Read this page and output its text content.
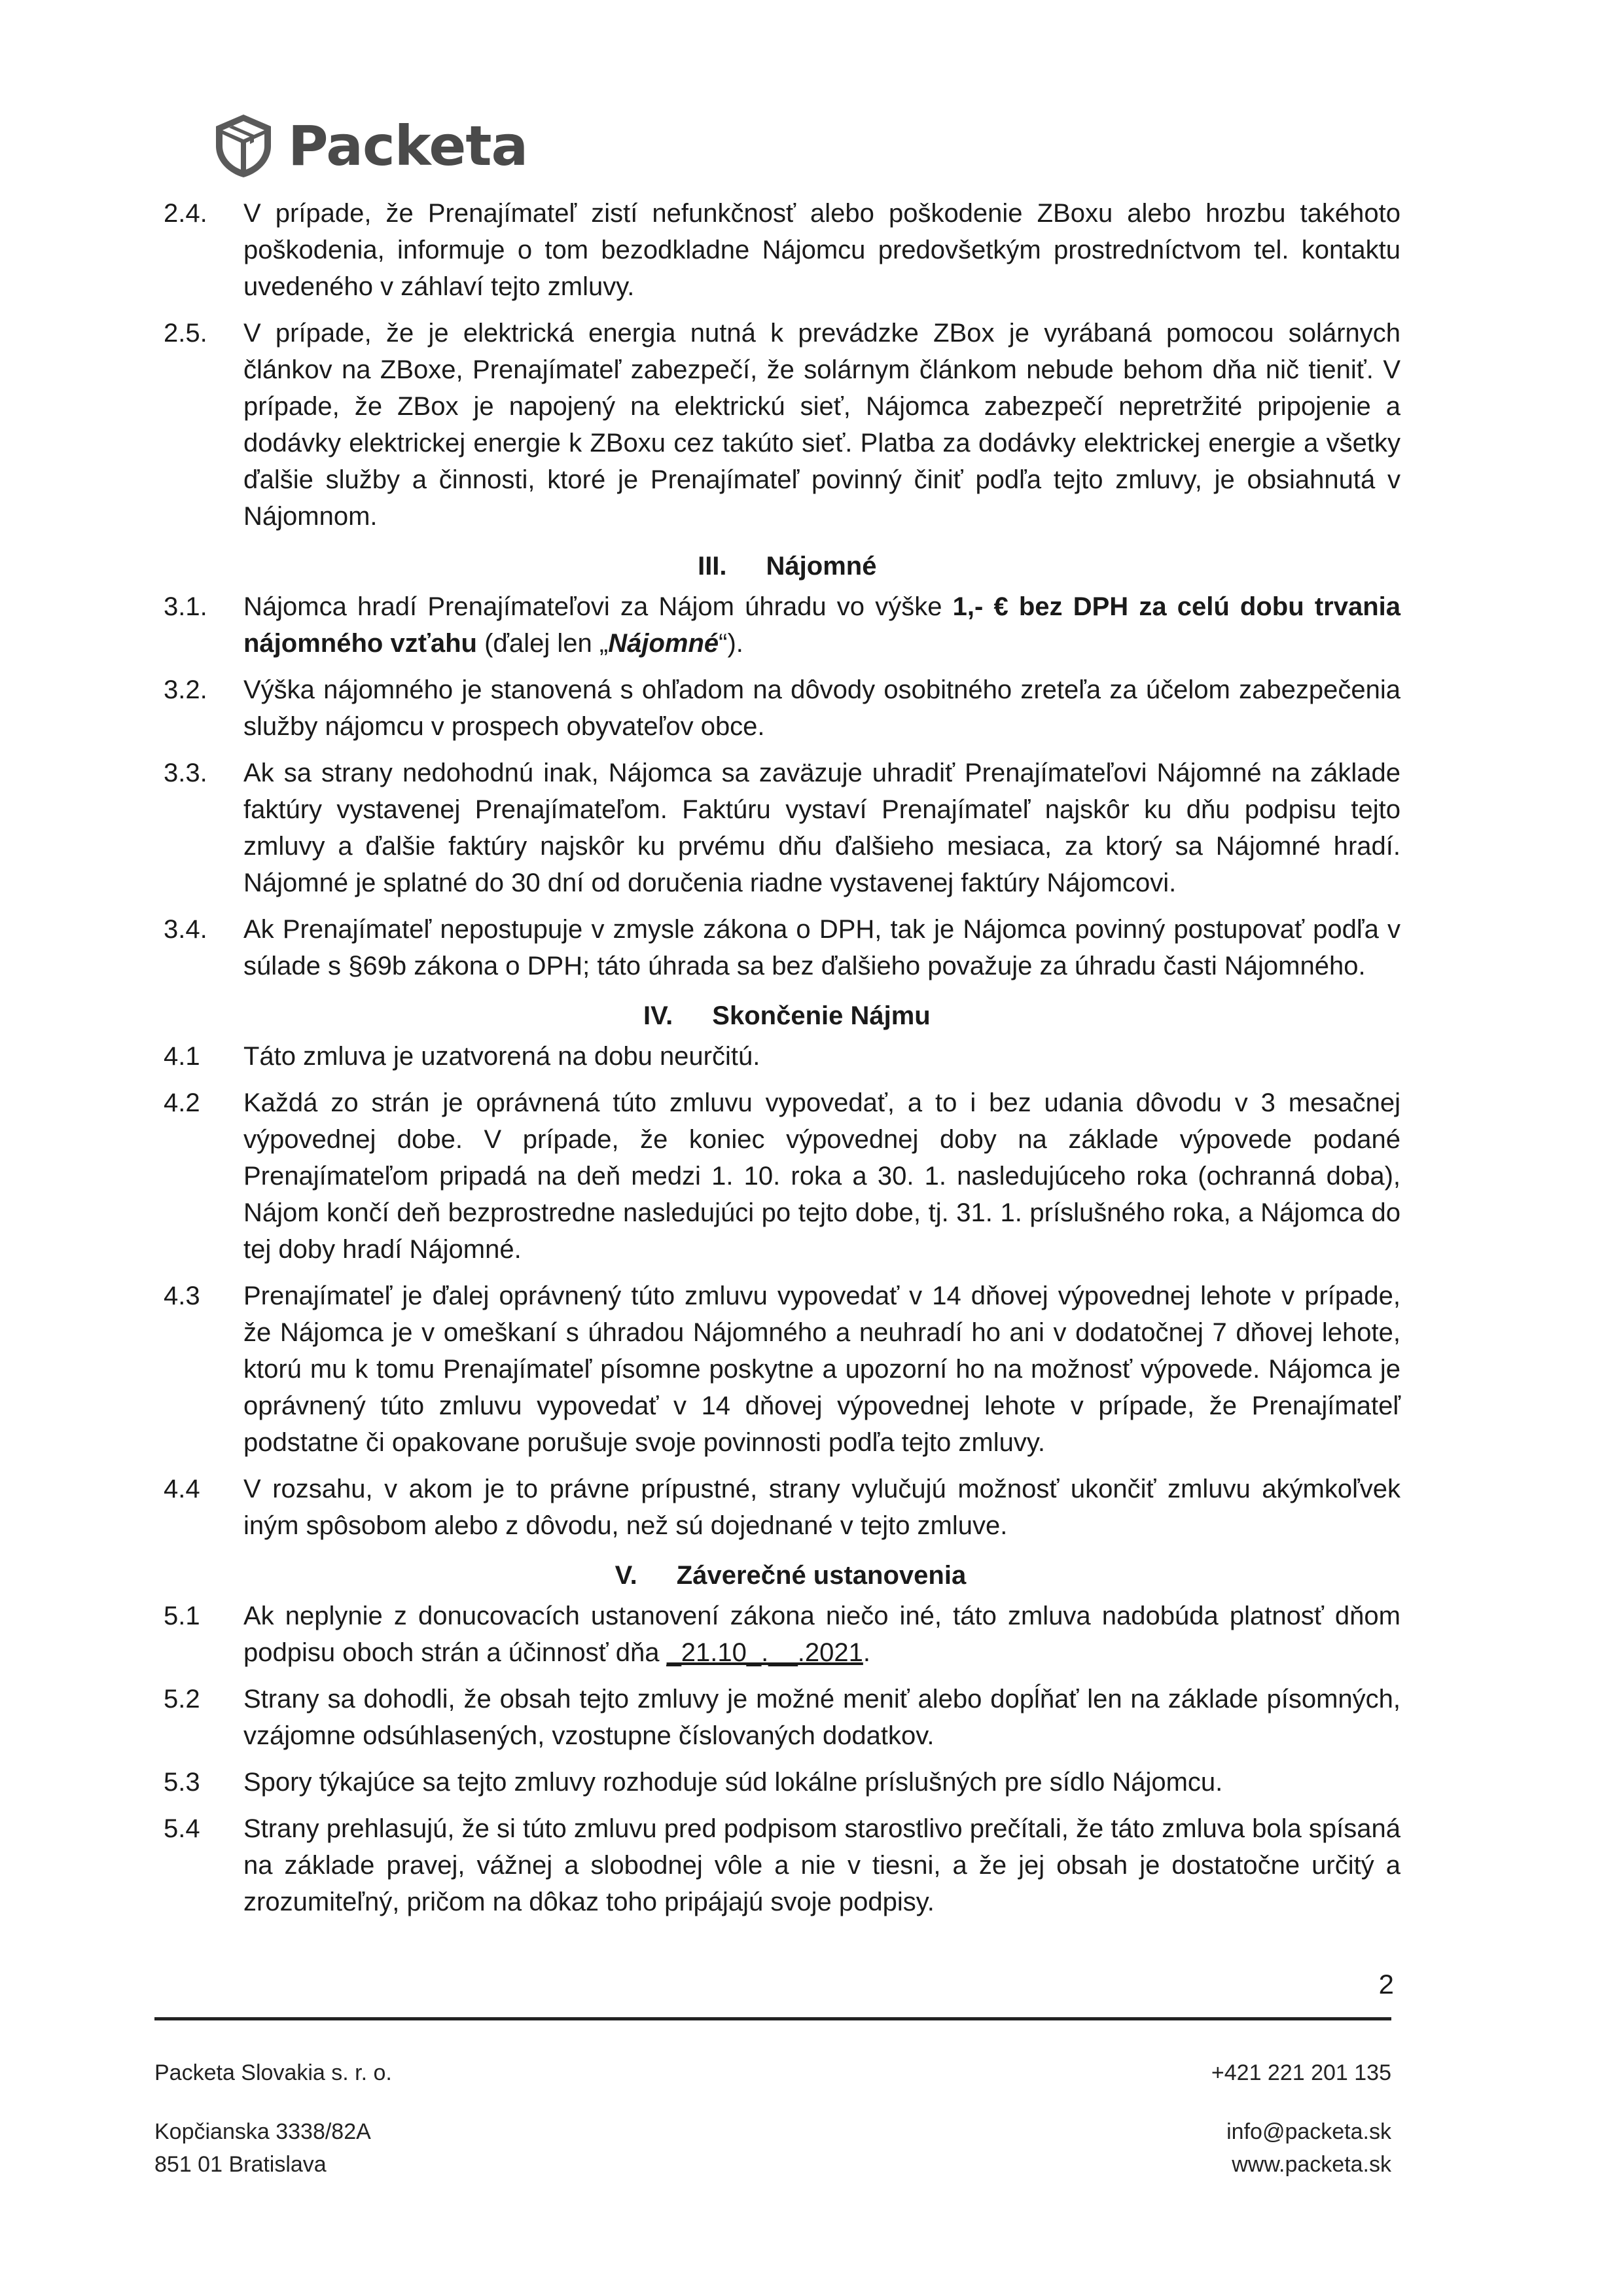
Packeta
2.4.	V prípade, že Prenajímateľ zistí nefunkčnosť alebo poškodenie ZBoxu alebo hrozbu takéhoto poškodenia, informuje o tom bezodkladne Nájomcu predovšetkým prostredníctvom tel. kontaktu uvedeného v záhlaví tejto zmluvy.
2.5.	V prípade, že je elektrická energia nutná k prevádzke ZBox je vyrábaná pomocou solárnych článkov na ZBoxe, Prenajímateľ zabezpečí, že solárnym článkom nebude behom dňa nič tieniť. V prípade, že ZBox je napojený na elektrickú sieť, Nájomca zabezpečí nepretržité pripojenie a dodávky elektrickej energie k ZBoxu cez takúto sieť. Platba za dodávky elektrickej energie a všetky ďalšie služby a činnosti, ktoré je Prenajímateľ povinný činiť podľa tejto zmluvy, je obsiahnutá v Nájomnom.
III. Nájomné
3.1.	Nájomca hradí Prenajímateľovi za Nájom úhradu vo výške 1,- € bez DPH za celú dobu trvania nájomného vzťahu (ďalej len „Nájomné“).
3.2.	Výška nájomného je stanovená s ohľadom na dôvody osobitného zreteľa za účelom zabezpečenia služby nájomcu v prospech obyvateľov obce.
3.3.	Ak sa strany nedohodnú inak, Nájomca sa zaväzuje uhradiť Prenajímateľovi Nájomné na základe faktúry vystavenej Prenajímateľom. Faktúru vystaví Prenajímateľ najskôr ku dňu podpisu tejto zmluvy a ďalšie faktúry najskôr ku prvému dňu ďalšieho mesiaca, za ktorý sa Nájomné hradí. Nájomné je splatné do 30 dní od doručenia riadne vystavenej faktúry Nájomcovi.
3.4.	Ak Prenajímateľ nepostupuje v zmysle zákona o DPH, tak je Nájomca povinný postupovať podľa v súlade s §69b zákona o DPH; táto úhrada sa bez ďalšieho považuje za úhradu časti Nájomného.
IV. Skončenie Nájmu
4.1	Táto zmluva je uzatvorená na dobu neurčitú.
4.2	Každá zo strán je oprávnená túto zmluvu vypovedať, a to i bez udania dôvodu v 3 mesačnej výpovednej dobe. V prípade, že koniec výpovednej doby na základe výpovede podané Prenajímateľom pripadá na deň medzi 1. 10. roka a 30. 1. nasledujúceho roka (ochranná doba), Nájom končí deň bezprostredne nasledujúci po tejto dobe, tj. 31. 1. príslušného roka, a Nájomca do tej doby hradí Nájomné.
4.3	Prenajímateľ je ďalej oprávnený túto zmluvu vypovedať v 14 dňovej výpovednej lehote v prípade, že Nájomca je v omeškaní s úhradou Nájomného a neuhradí ho ani v dodatočnej 7 dňovej lehote, ktorú mu k tomu Prenajímateľ písomne poskytne a upozorní ho na možnosť výpovede. Nájomca je oprávnený túto zmluvu vypovedať v 14 dňovej výpovednej lehote v prípade, že Prenajímateľ podstatne či opakovane porušuje svoje povinnosti podľa tejto zmluvy.
4.4	V rozsahu, v akom je to právne prípustné, strany vylučujú možnosť ukončiť zmluvu akýmkoľvek iným spôsobom alebo z dôvodu, než sú dojednané v tejto zmluve.
V. Záverečné ustanovenia
5.1	Ak neplynie z donucovacích ustanovení zákona niečo iné, táto zmluva nadobúda platnosť dňom podpisu oboch strán a účinnosť dňa _21.10_.__.2021.
5.2	Strany sa dohodli, že obsah tejto zmluvy je možné meniť alebo dopĺňať len na základe písomných, vzájomne odsúhlasených, vzostupne číslovaných dodatkov.
5.3	Spory týkajúce sa tejto zmluvy rozhoduje súd lokálne príslušných pre sídlo Nájomcu.
5.4	Strany prehlasujú, že si túto zmluvu pred podpisom starostlivo prečítali, že táto zmluva bola spísaná na základe pravej, vážnej a slobodnej vôle a nie v tiesni, a že jej obsah je dostatočne určitý a zrozumiteľný, pričom na dôkaz toho pripájajú svoje podpisy.
2
Packeta Slovakia s. r. o.
Kopčianska 3338/82A
851 01 Bratislava
+421 221 201 135
info@packeta.sk
www.packeta.sk
